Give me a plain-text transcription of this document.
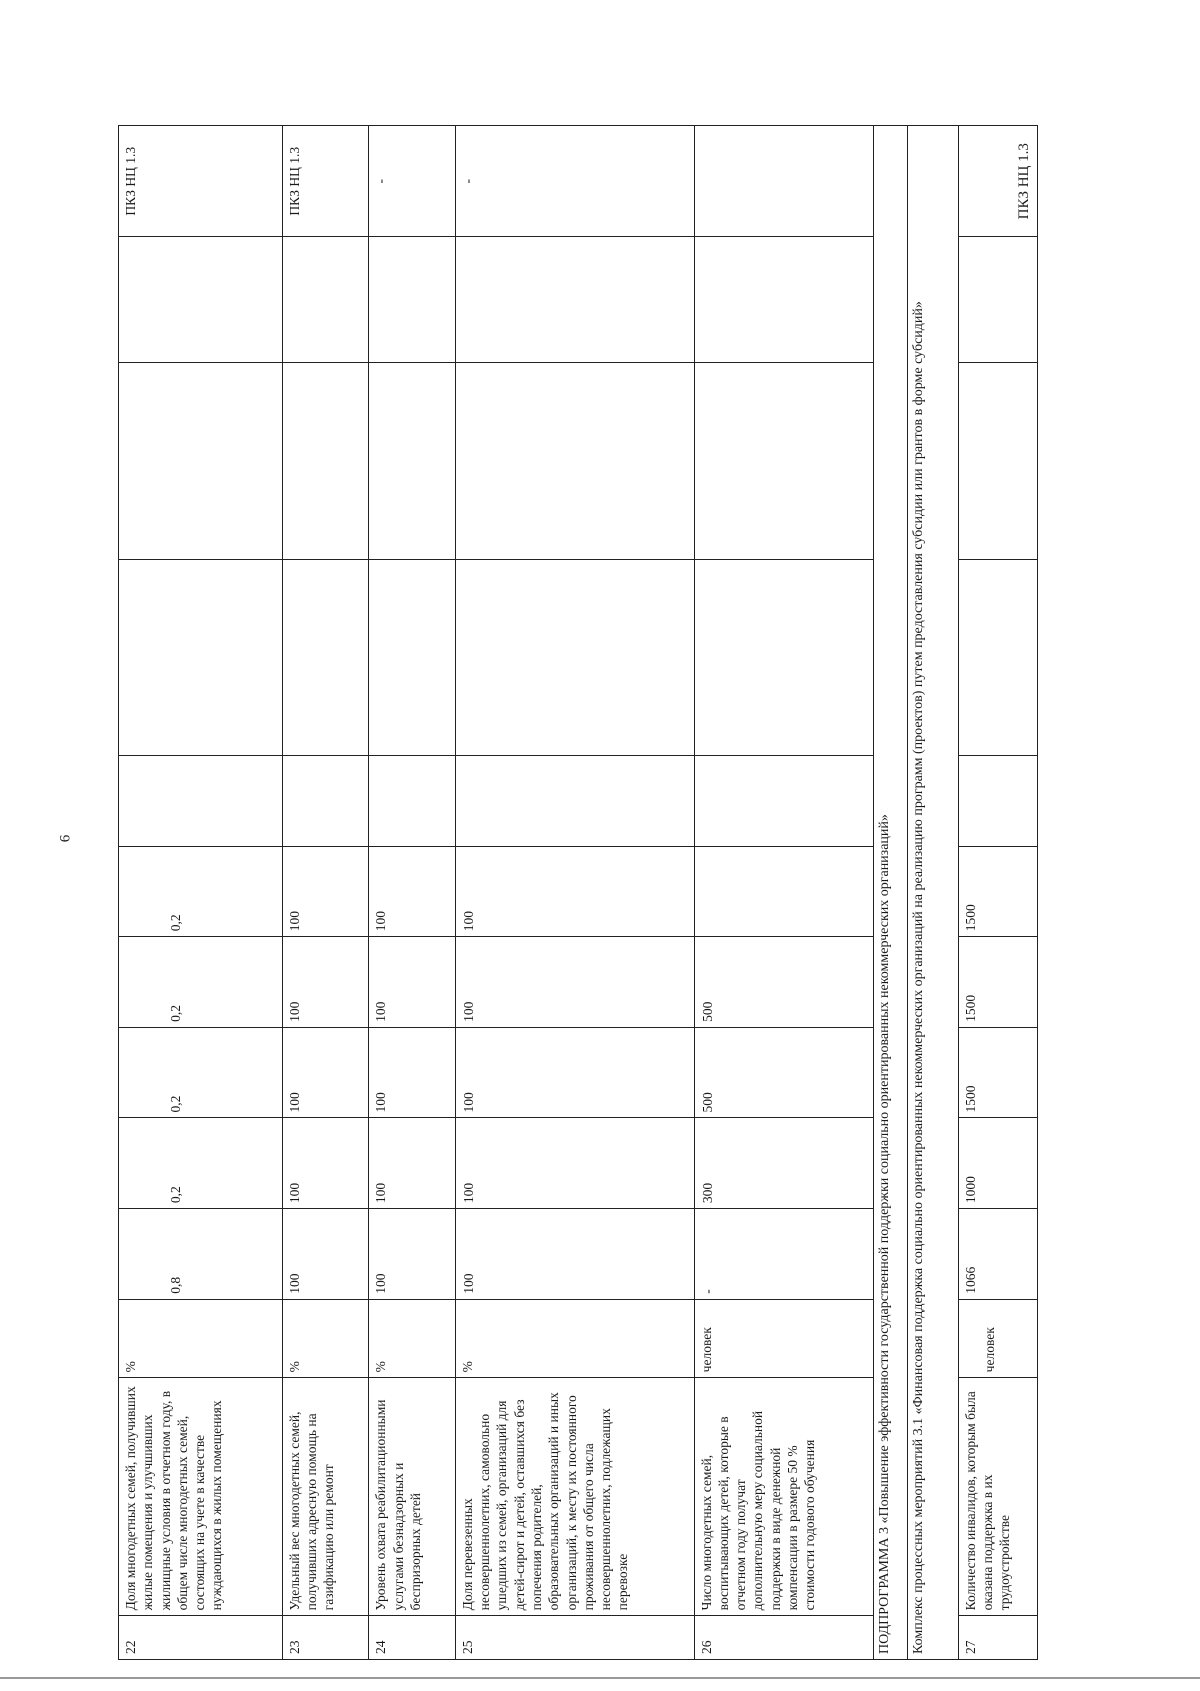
6
22	Доля многодетных семей, получивших жилые помещения и улучшивших жилищные условия в отчетном году, в общем числе многодетных семей, состоящих на учете в качестве нуждающихся в жилых помещениях	%	0,8	0,2	0,2	0,2	0,2					ПКЗ НЦ 1.3
23	Удельный вес многодетных семей, получивших адресную помощь на газификацию или ремонт	%	100	100	100	100	100					ПКЗ НЦ 1.3
24	Уровень охвата реабилитационными услугами безнадзорных и беспризорных детей	%	100	100	100	100	100					-
25	Доля перевезенных несовершеннолетних, самовольно ушедших из семей, организаций для детей-сирот и детей, оставшихся без попечения родителей, образовательных организаций и иных организаций, к месту их постоянного проживания от общего числа несовершеннолетних, подлежащих перевозке	%	100	100	100	100	100					-
26	Число многодетных семей, воспитывающих детей, которые в отчетном году получат дополнительную меру социальной поддержки в виде денежной компенсации в размере 50 % стоимости годового обучения	человек	-	300	500	500						
ПОДПРОГРАММА 3 «Повышение эффективности государственной поддержки социально ориентированных некоммерческих организаций»												
Комплекс процессных мероприятий 3.1 «Финансовая поддержка социально ориентированных некоммерческих организаций на реализацию программ (проектов) путем предоставления субсидии или грантов в форме субсидий»												
27	Количество инвалидов, которым была оказана поддержка в их трудоустройстве	человек	1066	1000	1500	1500	1500					ПКЗ НЦ 1.3
